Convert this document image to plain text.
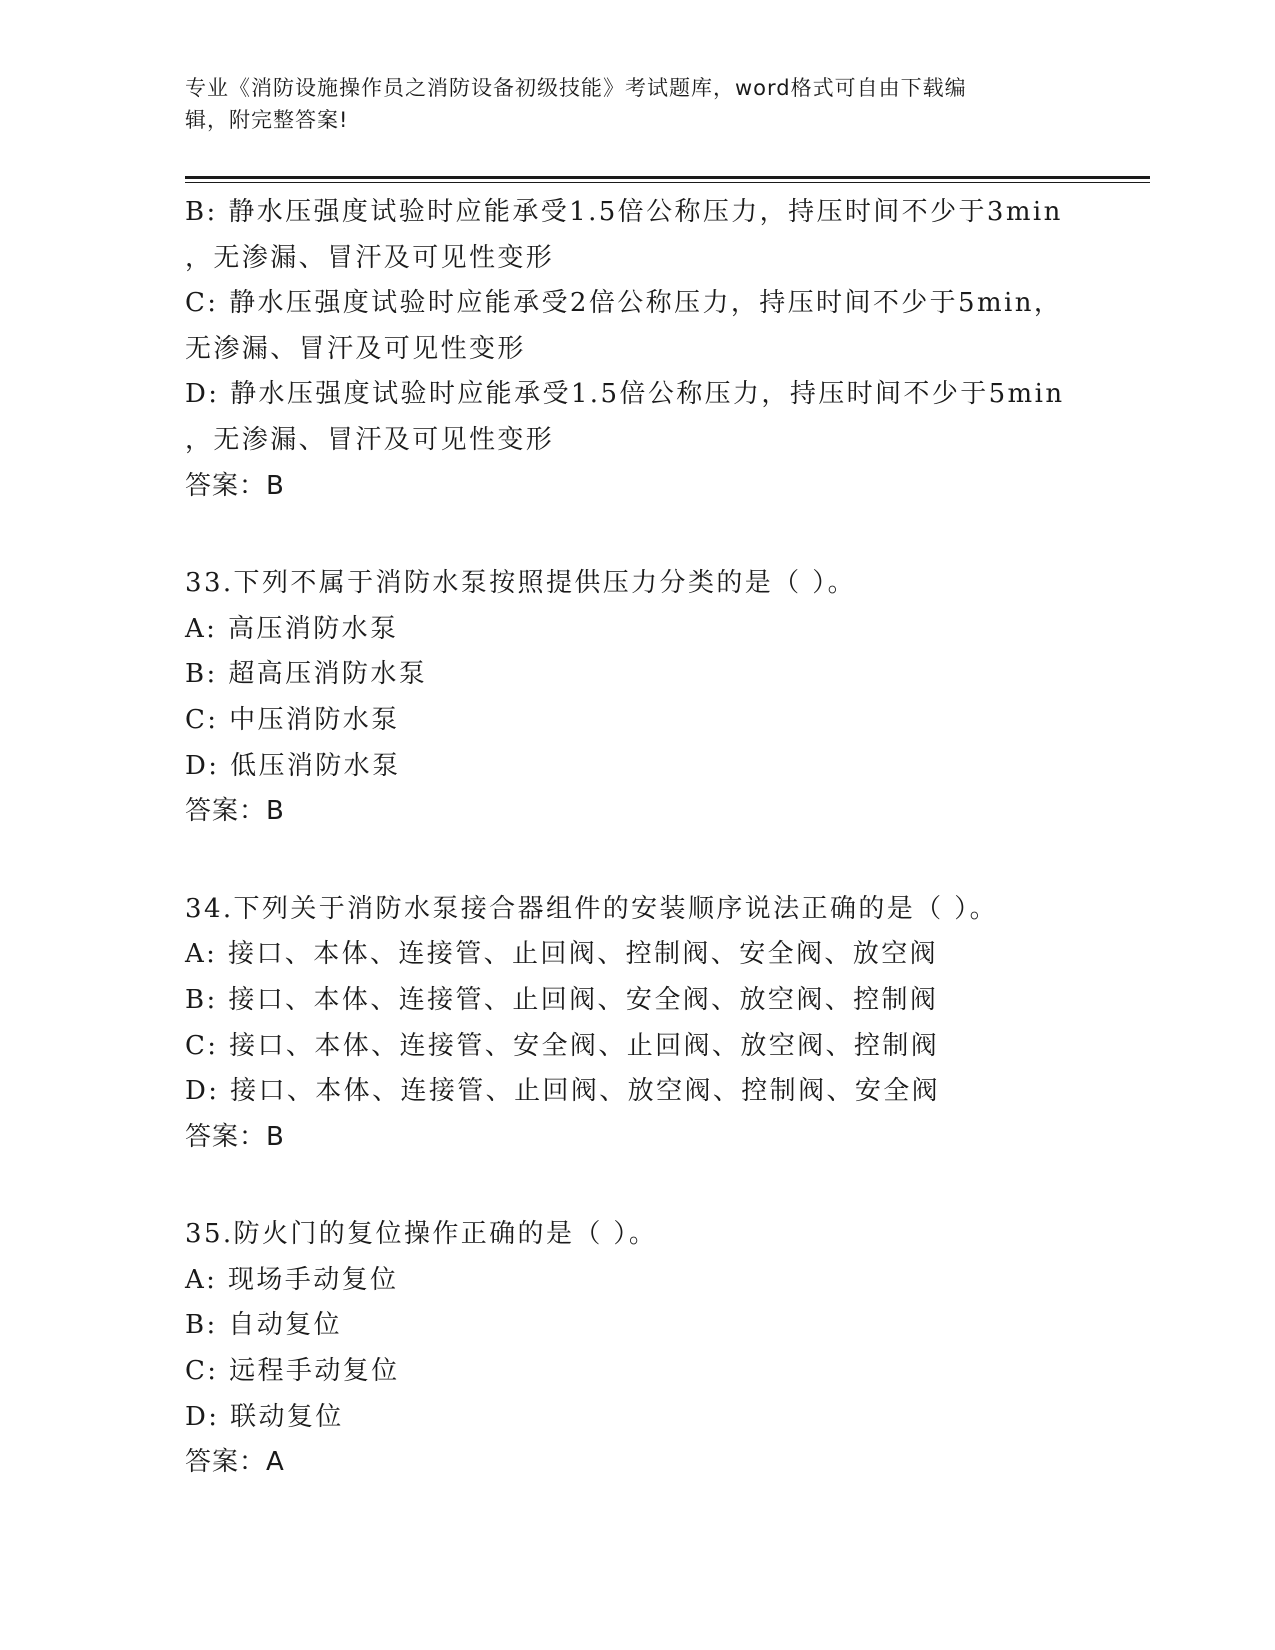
专业《消防设施操作员之消防设备初级技能》考试题库，word格式可自由下载编
辑，附完整答案!
B: 静水压强度试验时应能承受1.5倍公称压力，持压时间不少于3min
，无渗漏、冒汗及可见性变形
C: 静水压强度试验时应能承受2倍公称压力，持压时间不少于5min，
无渗漏、冒汗及可见性变形
D: 静水压强度试验时应能承受1.5倍公称压力，持压时间不少于5min
，无渗漏、冒汗及可见性变形
答案：B
33.下列不属于消防水泵按照提供压力分类的是（ ）。
A: 高压消防水泵
B: 超高压消防水泵
C: 中压消防水泵
D: 低压消防水泵
答案：B
34.下列关于消防水泵接合器组件的安装顺序说法正确的是（ ）。
A: 接口、本体、连接管、止回阀、控制阀、安全阀、放空阀
B: 接口、本体、连接管、止回阀、安全阀、放空阀、控制阀
C: 接口、本体、连接管、安全阀、止回阀、放空阀、控制阀
D: 接口、本体、连接管、止回阀、放空阀、控制阀、安全阀
答案：B
35.防火门的复位操作正确的是（ ）。
A: 现场手动复位
B: 自动复位
C: 远程手动复位
D: 联动复位
答案：A
